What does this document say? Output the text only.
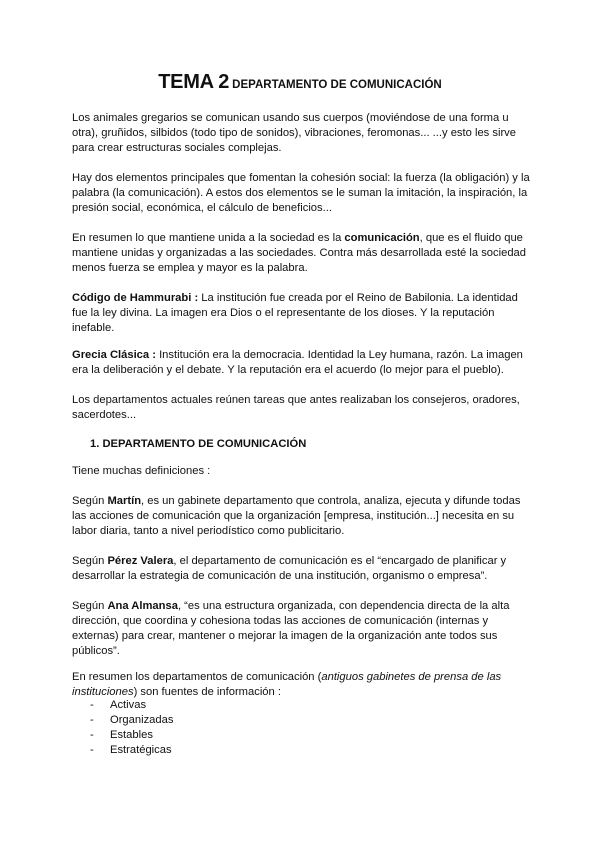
TEMA 2 DEPARTAMENTO DE COMUNICACIÓN

Los animales gregarios se comunican usando sus cuerpos (moviéndose de una forma u otra), gruñidos, silbidos (todo tipo de sonidos), vibraciones, feromonas... ...y esto les sirve para crear estructuras sociales complejas.

Hay dos elementos principales que fomentan la cohesión social: la fuerza (la obligación) y la palabra (la comunicación). A estos dos elementos se le suman la imitación, la inspiración, la presión social, económica, el cálculo de beneficios...

En resumen lo que mantiene unida a la sociedad es la comunicación, que es el fluido que mantiene unidas y organizadas a las sociedades. Contra más desarrollada esté la sociedad menos fuerza se emplea y mayor es la palabra.

Código de Hammurabi : La institución fue creada por el Reino de Babilonia. La identidad fue la ley divina. La imagen era Dios o el representante de los dioses. Y la reputación inefable.

Grecia Clásica : Institución era la democracia. Identidad la Ley humana, razón. La imagen era la deliberación y el debate. Y la reputación era el acuerdo (lo mejor para el pueblo).

Los departamentos actuales reúnen tareas que antes realizaban los consejeros, oradores, sacerdotes...

1. DEPARTAMENTO DE COMUNICACIÓN

Tiene muchas definiciones :

Según Martín, es un gabinete departamento que controla, analiza, ejecuta y difunde todas las acciones de comunicación que la organización [empresa, institución...] necesita en su labor diaria, tanto a nivel periodístico como publicitario.

Según Pérez Valera, el departamento de comunicación es el “encargado de planificar y desarrollar la estrategia de comunicación de una institución, organismo o empresa”.

Según Ana Almansa, “es una estructura organizada, con dependencia directa de la alta dirección, que coordina y cohesiona todas las acciones de comunicación (internas y externas) para crear, mantener o mejorar la imagen de la organización ante todos sus públicos”.

En resumen los departamentos de comunicación (antiguos gabinetes de prensa de las instituciones) son fuentes de información :

- Activas
- Organizadas
- Estables
- Estratégicas
